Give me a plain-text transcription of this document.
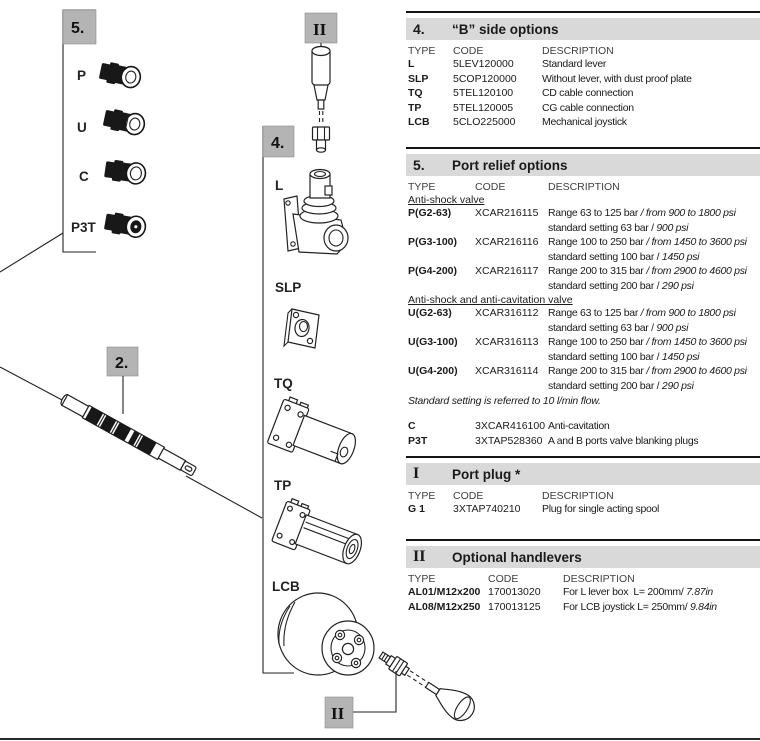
5.
P
U
C
P3T
2.
4.
II
L
SLP
TQ
TP
LCB
II
4.	“B” side options
TYPE	CODE	DESCRIPTION
L	5LEV120000	Standard lever
SLP	5COP120000	Without lever, with dust proof plate
TQ	5TEL120100	CD cable connection
TP	5TEL120005	CG cable connection
LCB	5CLO225000	Mechanical joystick
5.	Port relief options
TYPE	CODE	DESCRIPTION
Anti-shock valve
P(G2-63)	XCAR216115 Range 63 to 125 bar / from 900 to 1800 psi
standard setting 63 bar / 900 psi
P(G3-100)	XCAR216116 Range 100 to 250 bar / from 1450 to 3600 psi
standard setting 100 bar / 1450 psi
P(G4-200)	XCAR216117 Range 200 to 315 bar / from 2900 to 4600 psi
standard setting 200 bar / 290 psi
Anti-shock and anti-cavitation valve
U(G2-63)	XCAR316112 Range 63 to 125 bar / from 900 to 1800 psi
standard setting 63 bar / 900 psi
U(G3-100)	XCAR316113 Range 100 to 250 bar / from 1450 to 3600 psi
standard setting 100 bar / 1450 psi
U(G4-200)	XCAR316114 Range 200 to 315 bar / from 2900 to 4600 psi
standard setting 200 bar / 290 psi
Standard setting is referred to 10 l/min flow.
C	3XCAR416100 Anti-cavitation
P3T	3XTAP528360 A and B ports valve blanking plugs
I	Port plug *
TYPE	CODE	DESCRIPTION
G 1	3XTAP740210	Plug for single acting spool
II	Optional handlevers
TYPE	CODE	DESCRIPTION
AL01/M12x200 170013020	For L lever box  L= 200mm/ 7.87in
AL08/M12x250 170013125	For LCB joystick L= 250mm/ 9.84in
